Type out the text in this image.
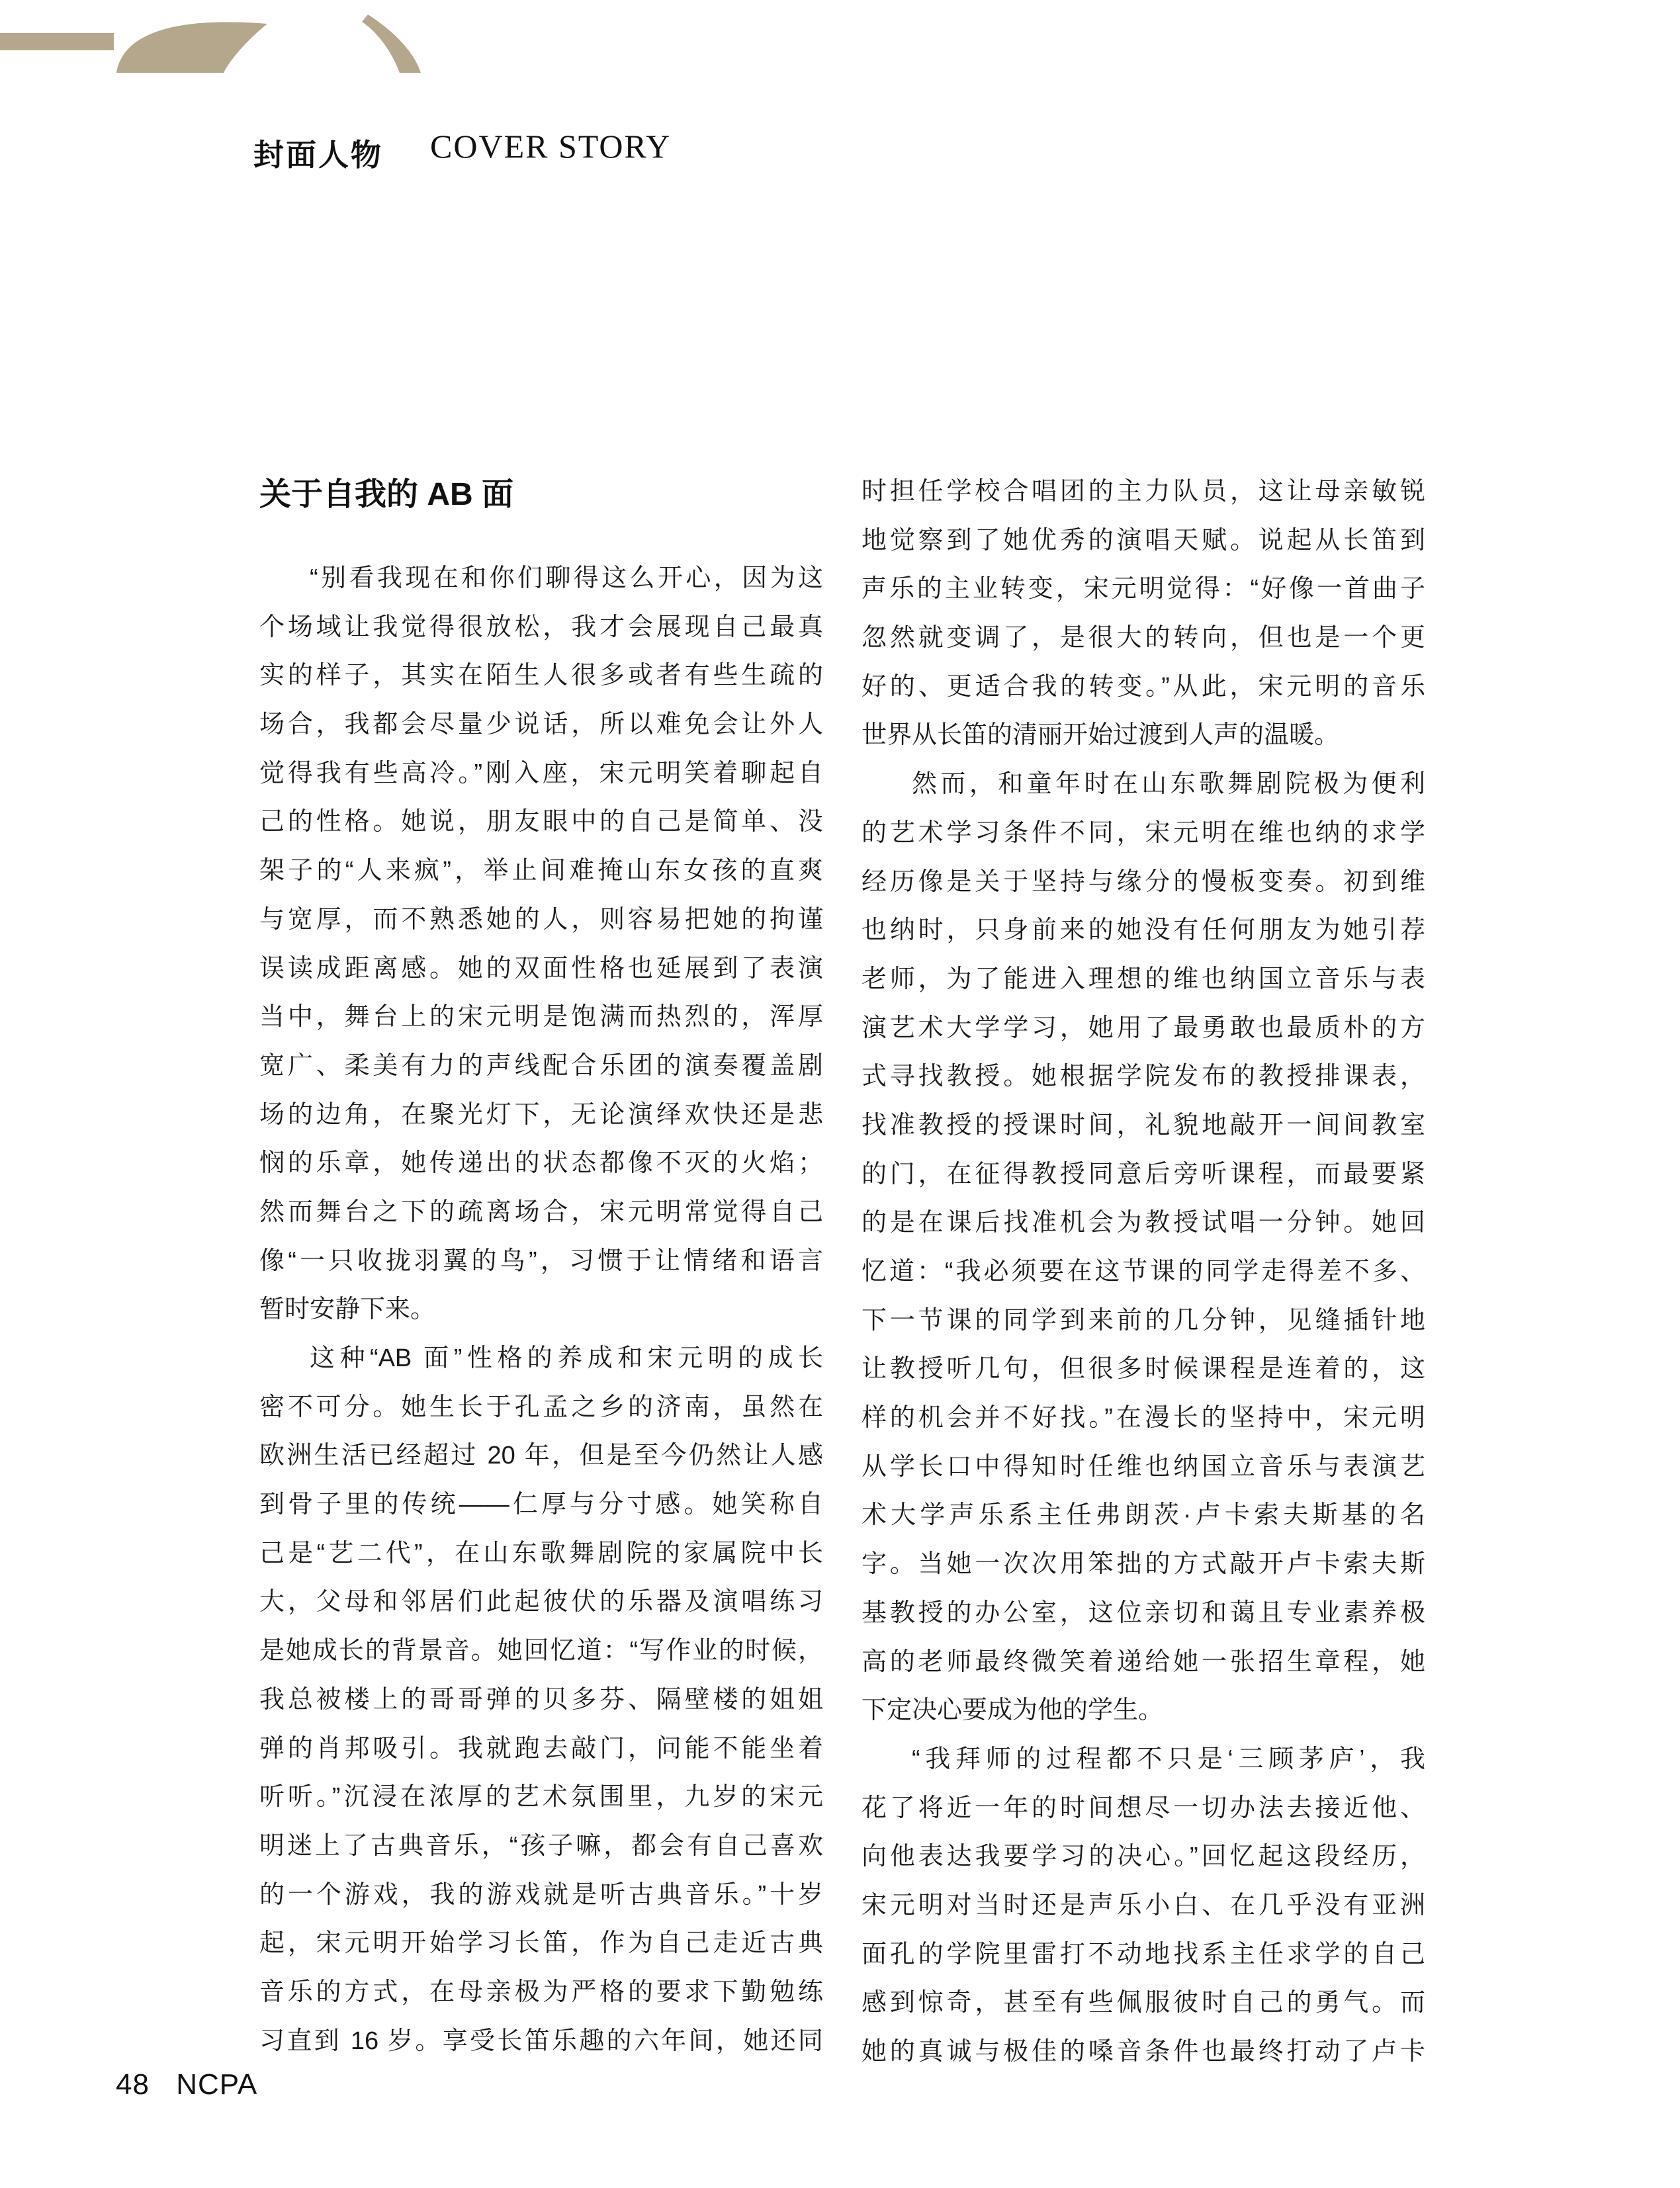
封面人物 COVER STORY
关于自我的 AB 面
“别看我现在和你们聊得这么开心，因为这
个场域让我觉得很放松，我才会展现自己最真
实的样子，其实在陌生人很多或者有些生疏的
场合，我都会尽量少说话，所以难免会让外人
觉得我有些高冷。”刚入座，宋元明笑着聊起自
己的性格。她说，朋友眼中的自己是简单、没
架子的“人来疯”，举止间难掩山东女孩的直爽
与宽厚，而不熟悉她的人，则容易把她的拘谨
误读成距离感。她的双面性格也延展到了表演
当中，舞台上的宋元明是饱满而热烈的，浑厚
宽广、柔美有力的声线配合乐团的演奏覆盖剧
场的边角，在聚光灯下，无论演绎欢快还是悲
悯的乐章，她传递出的状态都像不灭的火焰；
然而舞台之下的疏离场合，宋元明常觉得自己
像“一只收拢羽翼的鸟”，习惯于让情绪和语言
暂时安静下来。
这种“AB 面”性格的养成和宋元明的成长
密不可分。她生长于孔孟之乡的济南，虽然在
欧洲生活已经超过 20 年，但是至今仍然让人感
到骨子里的传统——仁厚与分寸感。她笑称自
己是“艺二代”，在山东歌舞剧院的家属院中长
大，父母和邻居们此起彼伏的乐器及演唱练习
是她成长的背景音。她回忆道：“写作业的时候，
我总被楼上的哥哥弹的贝多芬、隔壁楼的姐姐
弹的肖邦吸引。我就跑去敲门，问能不能坐着
听听。”沉浸在浓厚的艺术氛围里，九岁的宋元
明迷上了古典音乐，“孩子嘛，都会有自己喜欢
的一个游戏，我的游戏就是听古典音乐。”十岁
起，宋元明开始学习长笛，作为自己走近古典
音乐的方式，在母亲极为严格的要求下勤勉练
习直到 16 岁。享受长笛乐趣的六年间，她还同
时担任学校合唱团的主力队员，这让母亲敏锐
地觉察到了她优秀的演唱天赋。说起从长笛到
声乐的主业转变，宋元明觉得：“好像一首曲子
忽然就变调了，是很大的转向，但也是一个更
好的、更适合我的转变。”从此，宋元明的音乐
世界从长笛的清丽开始过渡到人声的温暖。
然而，和童年时在山东歌舞剧院极为便利
的艺术学习条件不同，宋元明在维也纳的求学
经历像是关于坚持与缘分的慢板变奏。初到维
也纳时，只身前来的她没有任何朋友为她引荐
老师，为了能进入理想的维也纳国立音乐与表
演艺术大学学习，她用了最勇敢也最质朴的方
式寻找教授。她根据学院发布的教授排课表，
找准教授的授课时间，礼貌地敲开一间间教室
的门，在征得教授同意后旁听课程，而最要紧
的是在课后找准机会为教授试唱一分钟。她回
忆道：“我必须要在这节课的同学走得差不多、
下一节课的同学到来前的几分钟，见缝插针地
让教授听几句，但很多时候课程是连着的，这
样的机会并不好找。”在漫长的坚持中，宋元明
从学长口中得知时任维也纳国立音乐与表演艺
术大学声乐系主任弗朗茨·卢卡索夫斯基的名
字。当她一次次用笨拙的方式敲开卢卡索夫斯
基教授的办公室，这位亲切和蔼且专业素养极
高的老师最终微笑着递给她一张招生章程，她
下定决心要成为他的学生。
“我拜师的过程都不只是‘三顾茅庐’，我
花了将近一年的时间想尽一切办法去接近他、
向他表达我要学习的决心。”回忆起这段经历，
宋元明对当时还是声乐小白、在几乎没有亚洲
面孔的学院里雷打不动地找系主任求学的自己
感到惊奇，甚至有些佩服彼时自己的勇气。而
她的真诚与极佳的嗓音条件也最终打动了卢卡
48 NCPA
